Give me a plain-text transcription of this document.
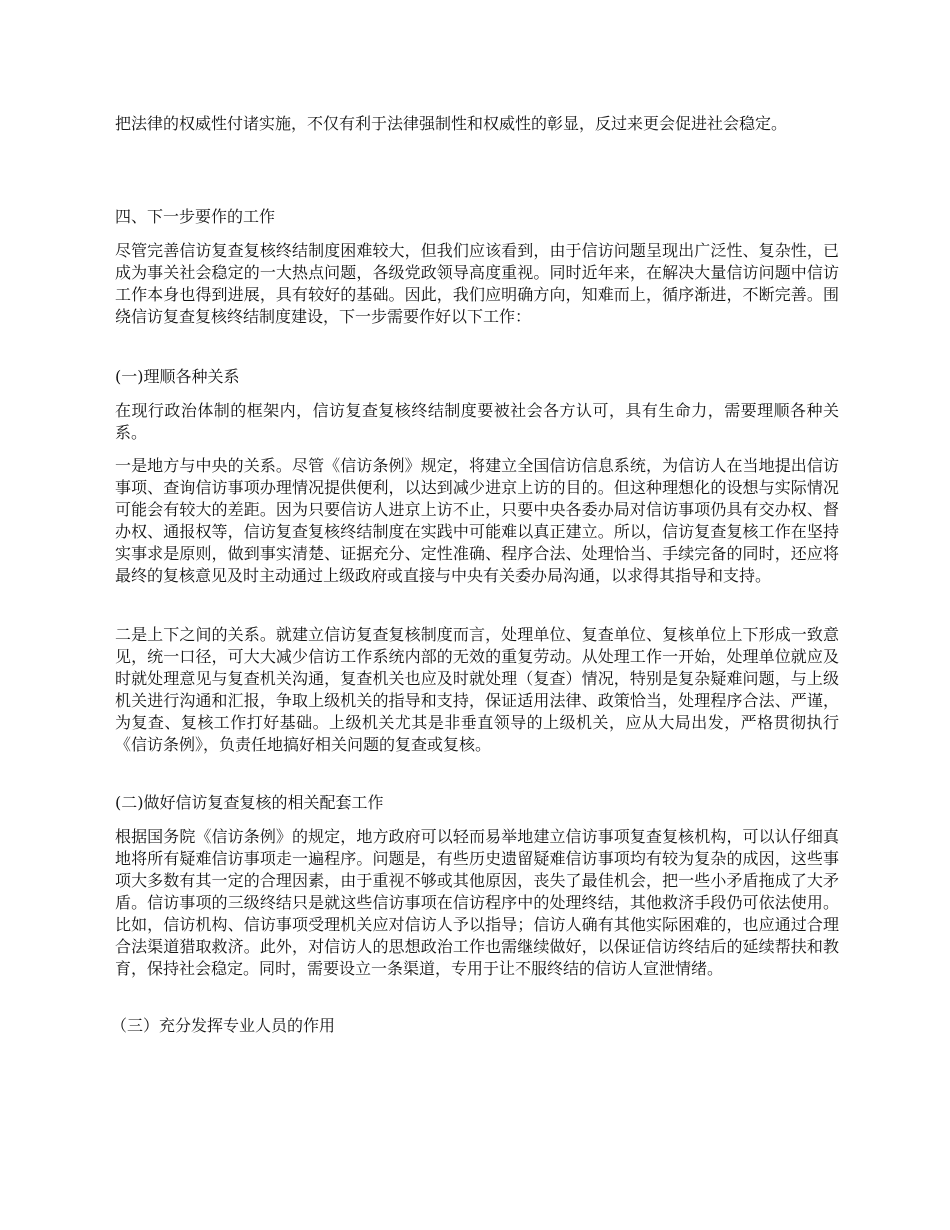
把法律的权威性付诸实施，不仅有利于法律强制性和权威性的彰显，反过来更会促进社会稳定。

四、下一步要作的工作

尽管完善信访复查复核终结制度困难较大，但我们应该看到，由于信访问题呈现出广泛性、复杂性，已成为事关社会稳定的一大热点问题，各级党政领导高度重视。同时近年来，在解决大量信访问题中信访工作本身也得到进展，具有较好的基础。因此，我们应明确方向，知难而上，循序渐进，不断完善。围绕信访复查复核终结制度建设，下一步需要作好以下工作：

(一)理顺各种关系

在现行政治体制的框架内，信访复查复核终结制度要被社会各方认可，具有生命力，需要理顺各种关系。

一是地方与中央的关系。尽管《信访条例》规定，将建立全国信访信息系统，为信访人在当地提出信访事项、查询信访事项办理情况提供便利，以达到减少进京上访的目的。但这种理想化的设想与实际情况可能会有较大的差距。因为只要信访人进京上访不止，只要中央各委办局对信访事项仍具有交办权、督办权、通报权等，信访复查复核终结制度在实践中可能难以真正建立。所以，信访复查复核工作在坚持实事求是原则，做到事实清楚、证据充分、定性准确、程序合法、处理恰当、手续完备的同时，还应将最终的复核意见及时主动通过上级政府或直接与中央有关委办局沟通，以求得其指导和支持。

二是上下之间的关系。就建立信访复查复核制度而言，处理单位、复查单位、复核单位上下形成一致意见，统一口径，可大大减少信访工作系统内部的无效的重复劳动。从处理工作一开始，处理单位就应及时就处理意见与复查机关沟通，复查机关也应及时就处理（复查）情况，特别是复杂疑难问题，与上级机关进行沟通和汇报，争取上级机关的指导和支持，保证适用法律、政策恰当，处理程序合法、严谨，为复查、复核工作打好基础。上级机关尤其是非垂直领导的上级机关，应从大局出发，严格贯彻执行《信访条例》，负责任地搞好相关问题的复查或复核。

(二)做好信访复查复核的相关配套工作

根据国务院《信访条例》的规定，地方政府可以轻而易举地建立信访事项复查复核机构，可以认仔细真地将所有疑难信访事项走一遍程序。问题是，有些历史遗留疑难信访事项均有较为复杂的成因，这些事项大多数有其一定的合理因素，由于重视不够或其他原因，丧失了最佳机会，把一些小矛盾拖成了大矛盾。信访事项的三级终结只是就这些信访事项在信访程序中的处理终结，其他救济手段仍可依法使用。比如，信访机构、信访事项受理机关应对信访人予以指导；信访人确有其他实际困难的，也应通过合理合法渠道猎取救济。此外，对信访人的思想政治工作也需继续做好，以保证信访终结后的延续帮扶和教育，保持社会稳定。同时，需要设立一条渠道，专用于让不服终结的信访人宣泄情绪。

（三）充分发挥专业人员的作用
